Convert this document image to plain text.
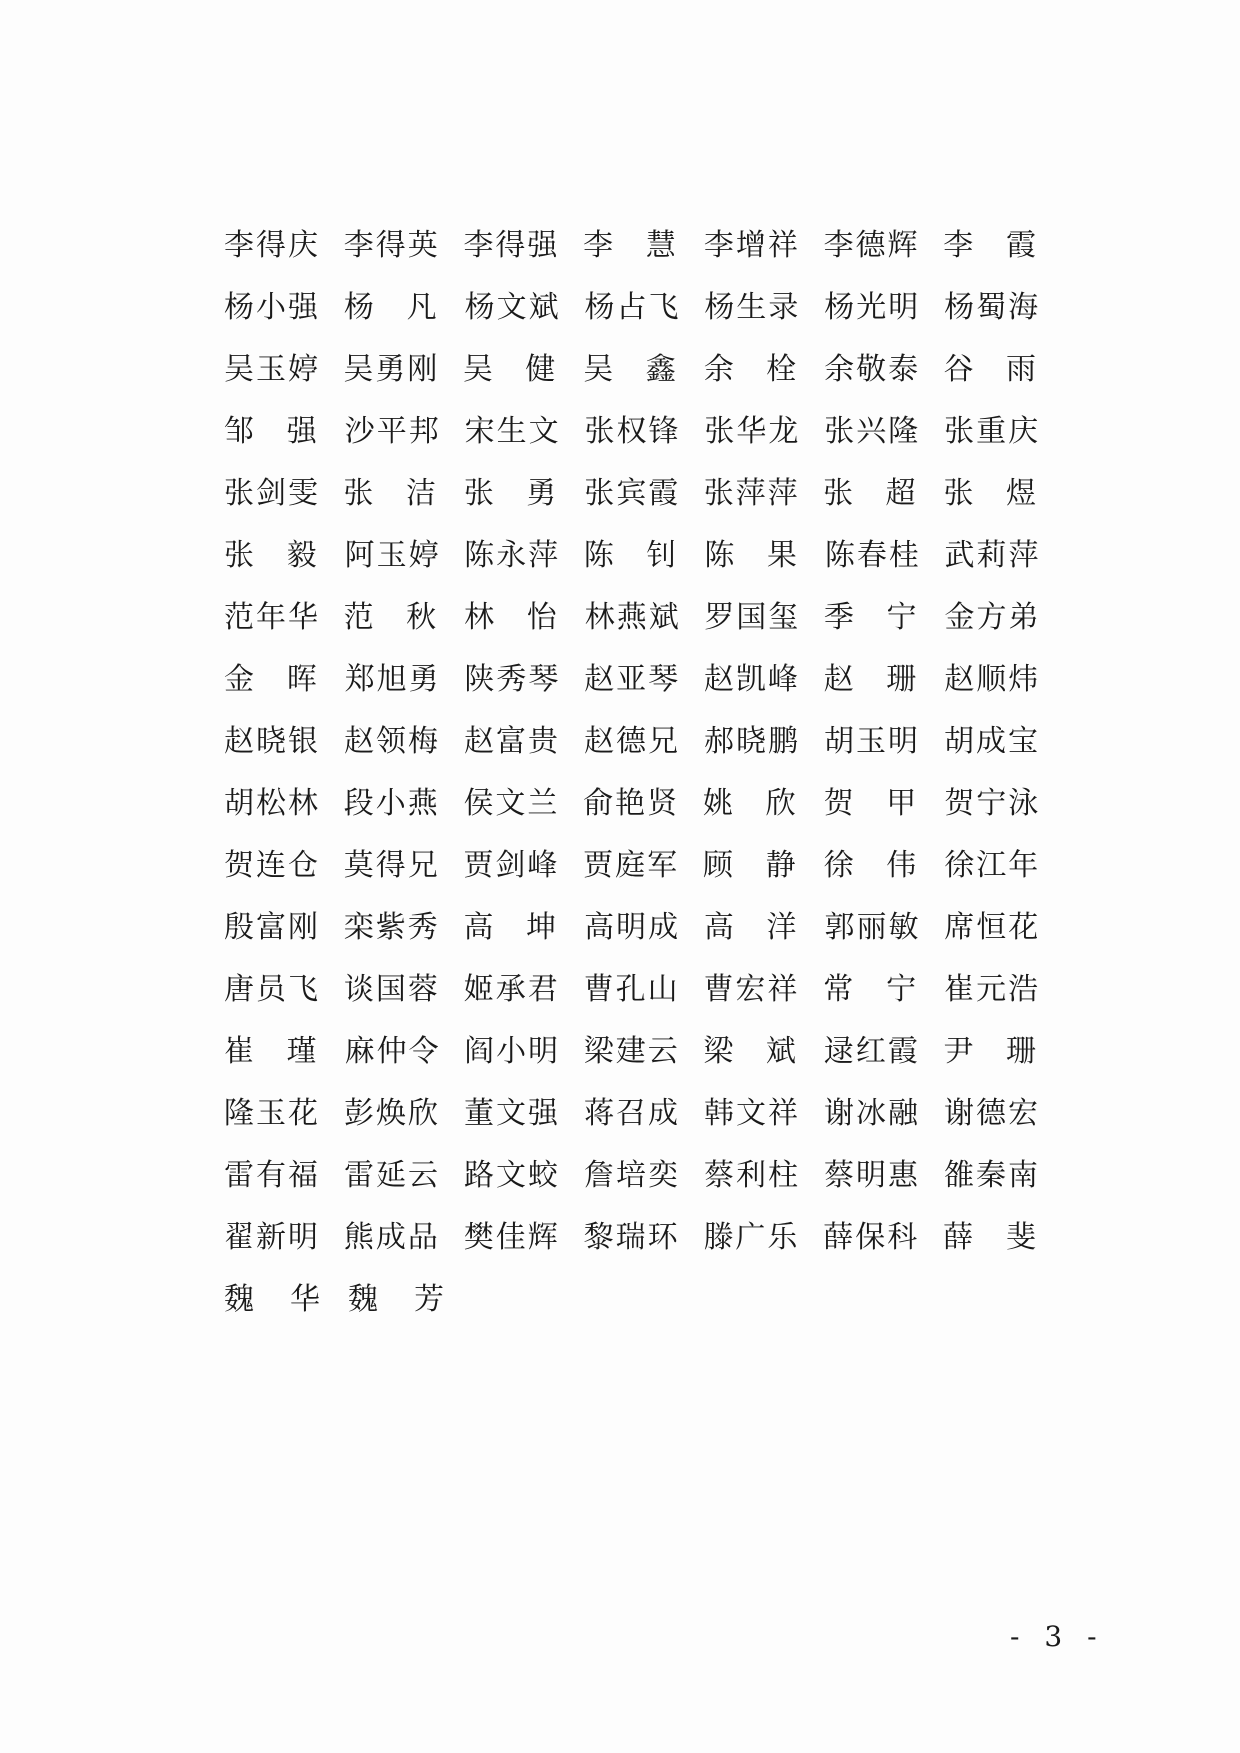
李得庆 李得英 李得强 李 慧 李增祥 李德辉 李 霞
杨小强 杨 凡 杨文斌 杨占飞 杨生录 杨光明 杨蜀海
吴玉婷 吴勇刚 吴 健 吴 鑫 余 栓 余敬泰 谷 雨
邹 强 沙平邦 宋生文 张权锋 张华龙 张兴隆 张重庆
张剑雯 张 洁 张 勇 张宾霞 张萍萍 张 超 张 煜
张 毅 阿玉婷 陈永萍 陈 钊 陈 果 陈春桂 武莉萍
范年华 范 秋 林 怡 林燕斌 罗国玺 季 宁 金方弟
金 晖 郑旭勇 陕秀琴 赵亚琴 赵凯峰 赵 珊 赵顺炜
赵晓银 赵领梅 赵富贵 赵德兄 郝晓鹏 胡玉明 胡成宝
胡松林 段小燕 侯文兰 俞艳贤 姚 欣 贺 甲 贺宁泳
贺连仓 莫得兄 贾剑峰 贾庭军 顾 静 徐 伟 徐江年
殷富刚 栾紫秀 高 坤 高明成 高 洋 郭丽敏 席恒花
唐员飞 谈国蓉 姬承君 曹孔山 曹宏祥 常 宁 崔元浩
崔 瑾 麻仲令 阎小明 梁建云 梁 斌 逯红霞 尹 珊
隆玉花 彭焕欣 董文强 蒋召成 韩文祥 谢冰融 谢德宏
雷有福 雷延云 路文蛟 詹培奕 蔡利柱 蔡明惠 雒秦南
翟新明 熊成品 樊佳辉 黎瑞环 滕广乐 薛保科 薛 斐
魏 华 魏 芳
- 3 -
